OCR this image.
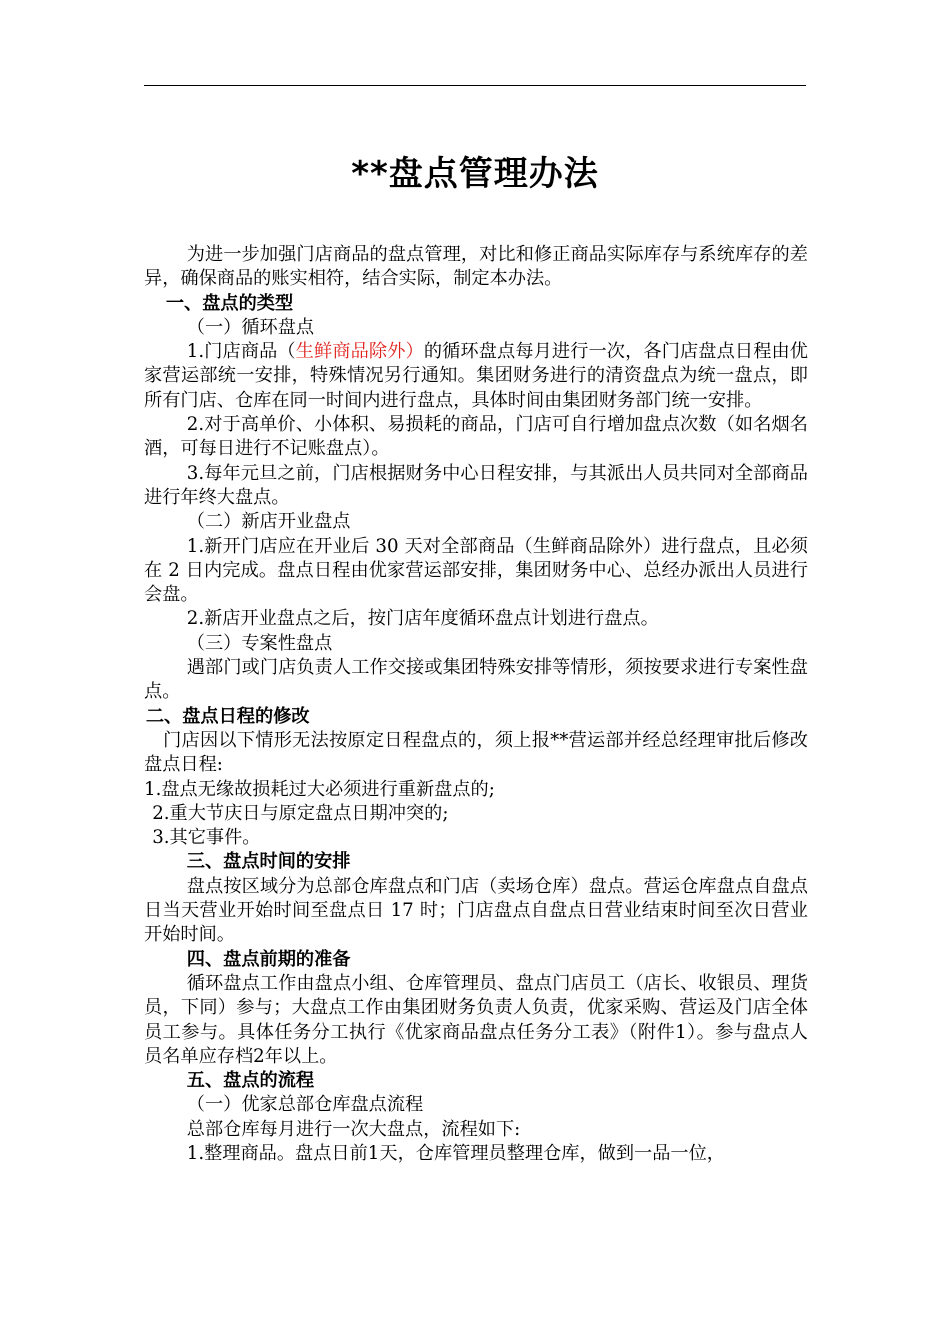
**盘点管理办法

为进一步加强门店商品的盘点管理，对比和修正商品实际库存与系统库存的差异，确保商品的账实相符，结合实际，制定本办法。

一、盘点的类型

（一）循环盘点

1.门店商品（生鲜商品除外）的循环盘点每月进行一次，各门店盘点日程由优家营运部统一安排，特殊情况另行通知。集团财务进行的清资盘点为统一盘点，即所有门店、仓库在同一时间内进行盘点，具体时间由集团财务部门统一安排。

2.对于高单价、小体积、易损耗的商品，门店可自行增加盘点次数（如名烟名酒，可每日进行不记账盘点）。

3.每年元旦之前，门店根据财务中心日程安排，与其派出人员共同对全部商品进行年终大盘点。

（二）新店开业盘点

1.新开门店应在开业后 30 天对全部商品（生鲜商品除外）进行盘点，且必须在 2 日内完成。盘点日程由优家营运部安排，集团财务中心、总经办派出人员进行会盘。

2.新店开业盘点之后，按门店年度循环盘点计划进行盘点。

（三）专案性盘点

遇部门或门店负责人工作交接或集团特殊安排等情形，须按要求进行专案性盘点。

二、盘点日程的修改

门店因以下情形无法按原定日程盘点的，须上报**营运部并经总经理审批后修改盘点日程:

1.盘点无缘故损耗过大必须进行重新盘点的;

2.重大节庆日与原定盘点日期冲突的;

3.其它事件。

三、盘点时间的安排

盘点按区域分为总部仓库盘点和门店（卖场仓库）盘点。营运仓库盘点自盘点日当天营业开始时间至盘点日 17 时；门店盘点自盘点日营业结束时间至次日营业开始时间。

四、盘点前期的准备

循环盘点工作由盘点小组、仓库管理员、盘点门店员工（店长、收银员、理货员，下同）参与；大盘点工作由集团财务负责人负责，优家采购、营运及门店全体员工参与。具体任务分工执行《优家商品盘点任务分工表》（附件1）。参与盘点人员名单应存档2年以上。

五、盘点的流程

（一）优家总部仓库盘点流程

总部仓库每月进行一次大盘点，流程如下:

1.整理商品。盘点日前1天，仓库管理员整理仓库，做到一品一位，
